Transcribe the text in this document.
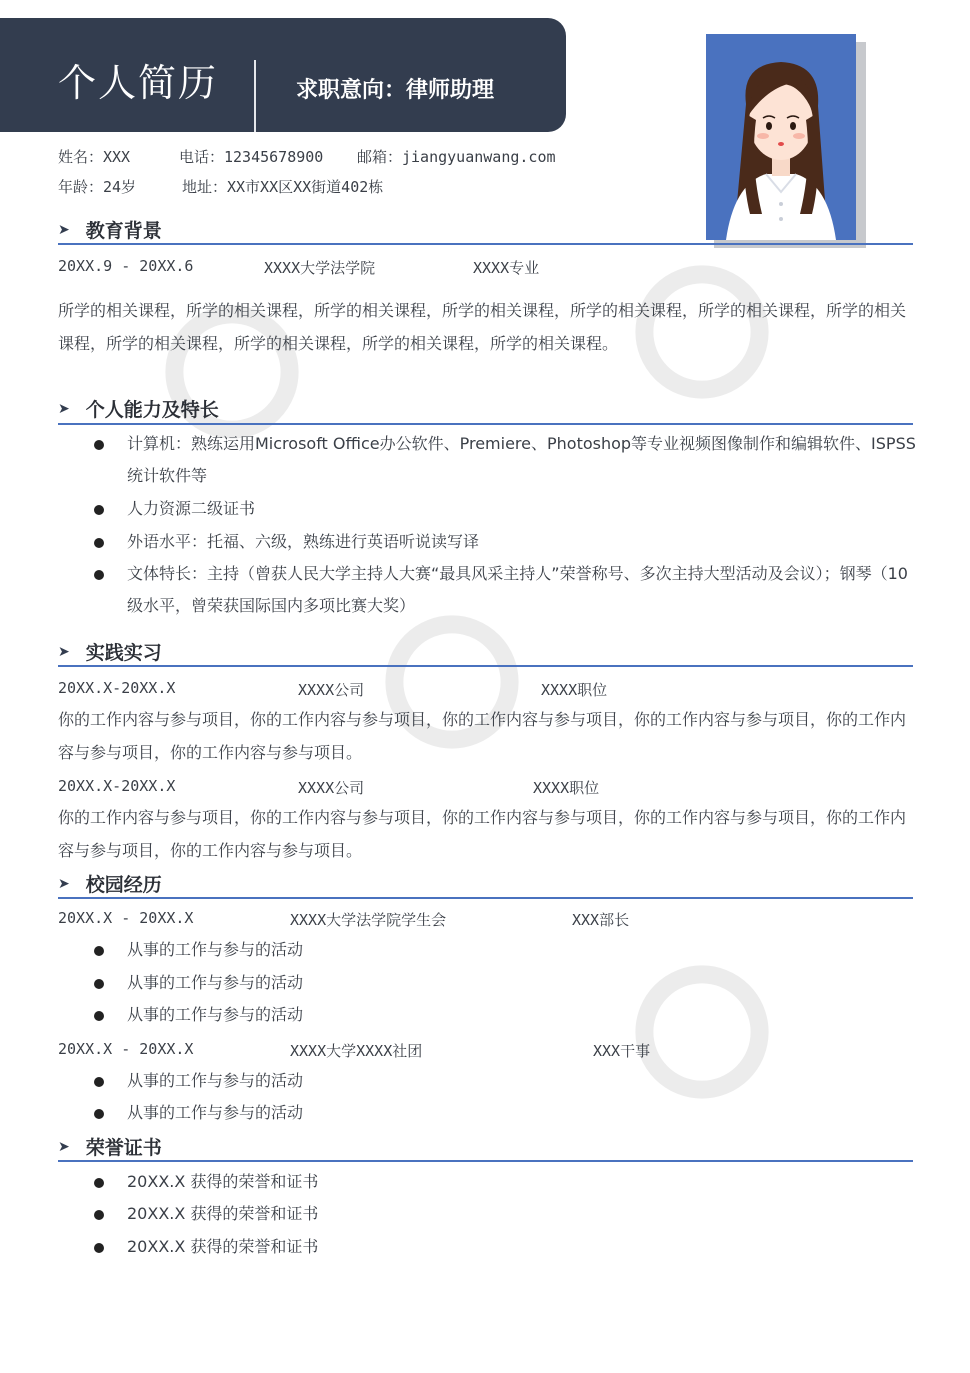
个人简历	求职意向：律师助理
姓名：XXX	电话：12345678900 邮箱：jiangyuanwang.com
年龄：24岁	地址：XX市XX区XX街道402栋
➤ 教育背景
20XX.9 - 20XX.6	XXXX大学法学院	XXXX专业
所学的相关课程，所学的相关课程，所学的相关课程，所学的相关课程，所学的相关课程，所学的相关课程，所学的相关课程，所学的相关课程，所学的相关课程，所学的相关课程，所学的相关课程。
➤ 个人能力及特长
计算机：熟练运用Microsoft Office办公软件、Premiere、Photoshop等专业视频图像制作和编辑软件、ISPSS统计软件等
人力资源二级证书
外语水平：托福、六级，熟练进行英语听说读写译
文体特长：主持（曾获人民大学主持人大赛“最具风采主持人”荣誉称号、多次主持大型活动及会议）；钢琴（10级水平，曾荣获国际国内多项比赛大奖）
➤ 实践实习
20XX.X-20XX.X	XXXX公司	XXXX职位
你的工作内容与参与项目，你的工作内容与参与项目，你的工作内容与参与项目，你的工作内容与参与项目，你的工作内容与参与项目，你的工作内容与参与项目。
20XX.X-20XX.X	XXXX公司	XXXX职位
你的工作内容与参与项目，你的工作内容与参与项目，你的工作内容与参与项目，你的工作内容与参与项目，你的工作内容与参与项目，你的工作内容与参与项目。
➤ 校园经历
20XX.X - 20XX.X	XXXX大学法学院学生会	XXX部长
从事的工作与参与的活动
从事的工作与参与的活动
从事的工作与参与的活动
20XX.X - 20XX.X	XXXX大学XXXX社团	XXX干事
从事的工作与参与的活动
从事的工作与参与的活动
➤ 荣誉证书
20XX.X 获得的荣誉和证书
20XX.X 获得的荣誉和证书
20XX.X 获得的荣誉和证书
